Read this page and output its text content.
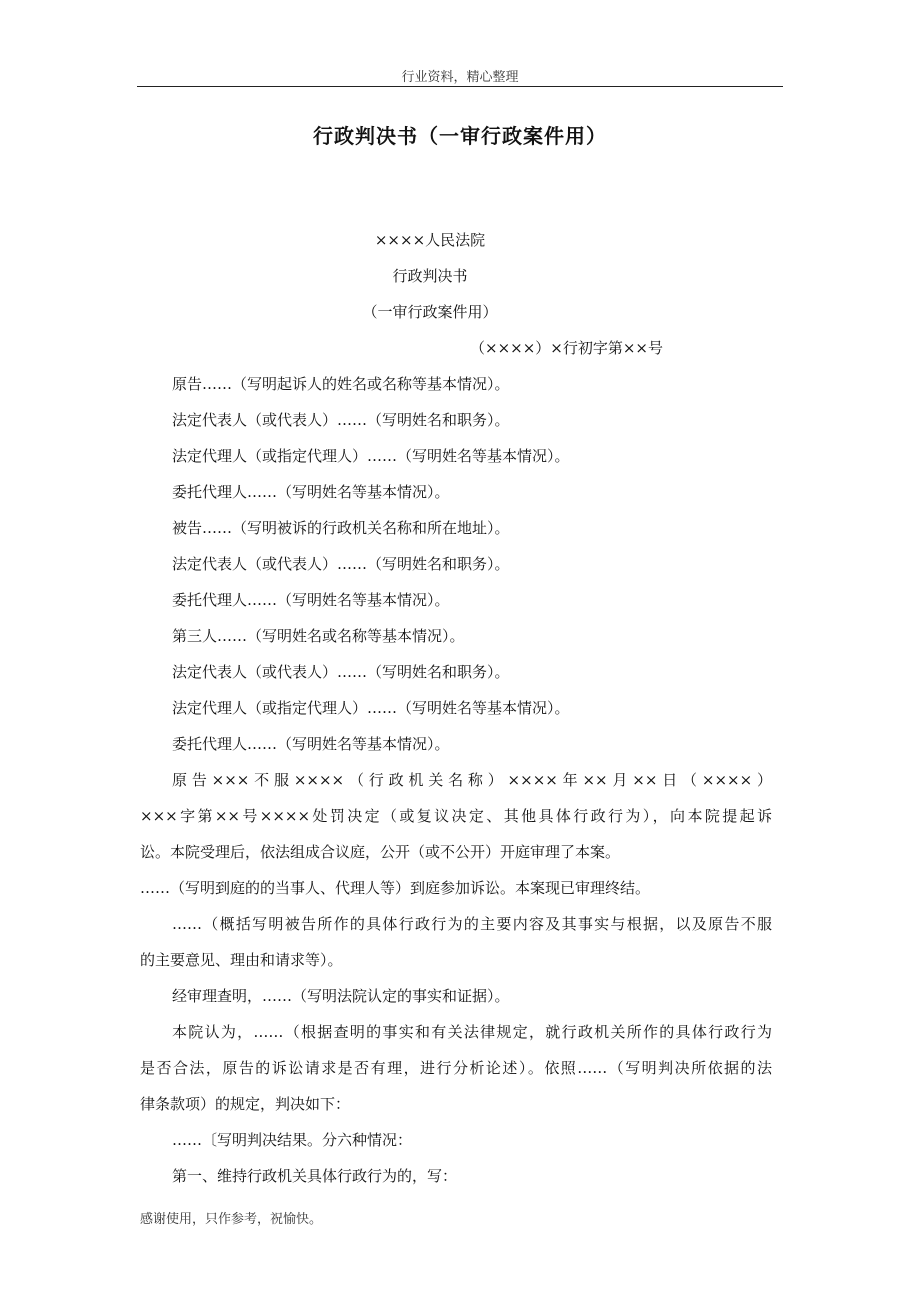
行业资料，精心整理
行政判决书（一审行政案件用）
××××人民法院
行政判决书
（一审行政案件用）
（××××）×行初字第××号
原告……（写明起诉人的姓名或名称等基本情况）。
法定代表人（或代表人）……（写明姓名和职务）。
法定代理人（或指定代理人）……（写明姓名等基本情况）。
委托代理人……（写明姓名等基本情况）。
被告……（写明被诉的行政机关名称和所在地址）。
法定代表人（或代表人）……（写明姓名和职务）。
委托代理人……（写明姓名等基本情况）。
第三人……（写明姓名或名称等基本情况）。
法定代表人（或代表人）……（写明姓名和职务）。
法定代理人（或指定代理人）……（写明姓名等基本情况）。
委托代理人……（写明姓名等基本情况）。
原告×××不服××××（行政机关名称）××××年××月××日（××××）
×××字第××号××××处罚决定（或复议决定、其他具体行政行为），向本院提起诉
讼。本院受理后，依法组成合议庭，公开（或不公开）开庭审理了本案。
……（写明到庭的的当事人、代理人等）到庭参加诉讼。本案现已审理终结。
……（概括写明被告所作的具体行政行为的主要内容及其事实与根据，以及原告不服
的主要意见、理由和请求等）。
经审理查明，……（写明法院认定的事实和证据）。
本院认为，……（根据查明的事实和有关法律规定，就行政机关所作的具体行政行为
是否合法，原告的诉讼请求是否有理，进行分析论述）。依照……（写明判决所依据的法
律条款项）的规定，判决如下：
……〔写明判决结果。分六种情况：
第一、维持行政机关具体行政行为的，写：
感谢使用，只作参考，祝愉快。
